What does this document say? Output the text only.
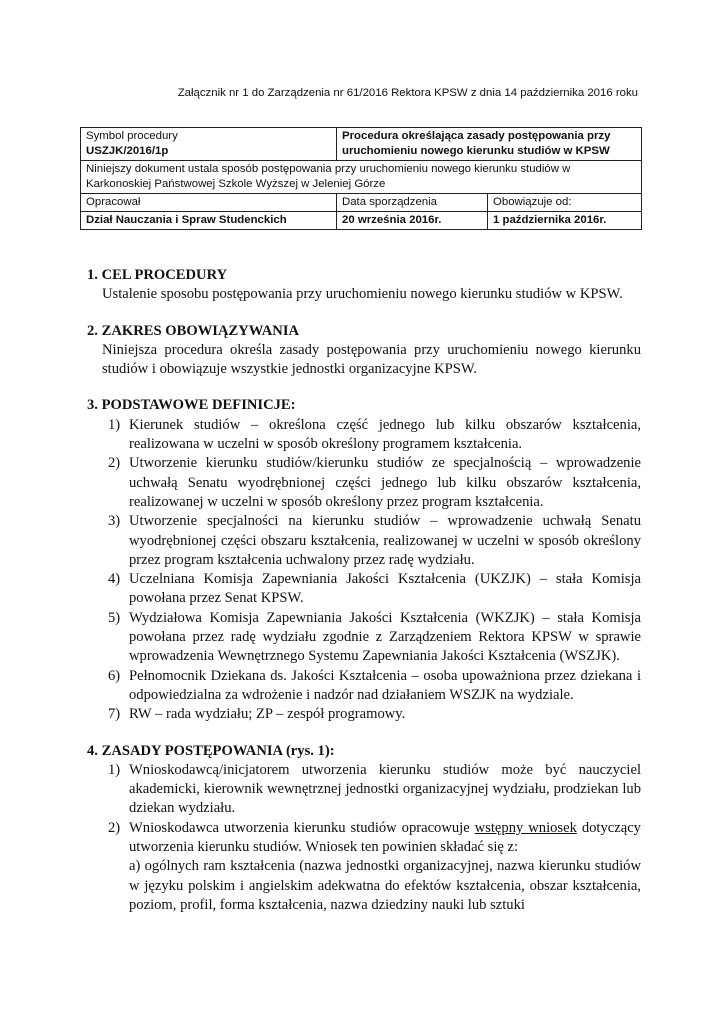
Załącznik nr 1 do Zarządzenia nr 61/2016 Rektora KPSW z dnia 14 października 2016 roku
Symbol procedury
USZJK/2016/1p	Procedura określająca zasady postępowania przy uruchomieniu nowego kierunku studiów w KPSW	
Niniejszy dokument ustala sposób postępowania przy uruchomieniu nowego kierunku studiów w Karkonoskiej Państwowej Szkole Wyższej w Jeleniej Górze		
Opracował	Data sporządzenia	Obowiązuje od:
Dział Nauczania i Spraw Studenckich	20 września 2016r.	1 października 2016r.
1. CEL PROCEDURY
Ustalenie sposobu postępowania przy uruchomieniu nowego kierunku studiów w KPSW.
2. ZAKRES OBOWIĄZYWANIA
Niniejsza procedura określa zasady postępowania przy uruchomieniu nowego kierunku studiów i obowiązuje wszystkie jednostki organizacyjne KPSW.
3. PODSTAWOWE DEFINICJE:
1) Kierunek studiów – określona część jednego lub kilku obszarów kształcenia, realizowana w uczelni w sposób określony programem kształcenia.
2) Utworzenie kierunku studiów/kierunku studiów ze specjalnością – wprowadzenie uchwałą Senatu wyodrębnionej części jednego lub kilku obszarów kształcenia, realizowanej w uczelni w sposób określony przez program kształcenia.
3) Utworzenie specjalności na kierunku studiów – wprowadzenie uchwałą Senatu wyodrębnionej części obszaru kształcenia, realizowanej w uczelni w sposób określony przez program kształcenia uchwalony przez radę wydziału.
4) Uczelniana Komisja Zapewniania Jakości Kształcenia (UKZJK) – stała Komisja powołana przez Senat KPSW.
5) Wydziałowa Komisja Zapewniania Jakości Kształcenia (WKZJK) – stała Komisja powołana przez radę wydziału zgodnie z Zarządzeniem Rektora KPSW w sprawie wprowadzenia Wewnętrznego Systemu Zapewniania Jakości Kształcenia (WSZJK).
6) Pełnomocnik Dziekana ds. Jakości Kształcenia – osoba upoważniona przez dziekana i odpowiedzialna za wdrożenie i nadzór nad działaniem WSZJK na wydziale.
7) RW – rada wydziału; ZP – zespół programowy.
4. ZASADY POSTĘPOWANIA (rys. 1):
1) Wnioskodawcą/inicjatorem utworzenia kierunku studiów może być nauczyciel akademicki, kierownik wewnętrznej jednostki organizacyjnej wydziału, prodziekan lub dziekan wydziału.
2) Wnioskodawca utworzenia kierunku studiów opracowuje wstępny wniosek dotyczący utworzenia kierunku studiów. Wniosek ten powinien składać się z:
a) ogólnych ram kształcenia (nazwa jednostki organizacyjnej, nazwa kierunku studiów w języku polskim i angielskim adekwatna do efektów kształcenia, obszar kształcenia, poziom, profil, forma kształcenia, nazwa dziedziny nauki lub sztuki
